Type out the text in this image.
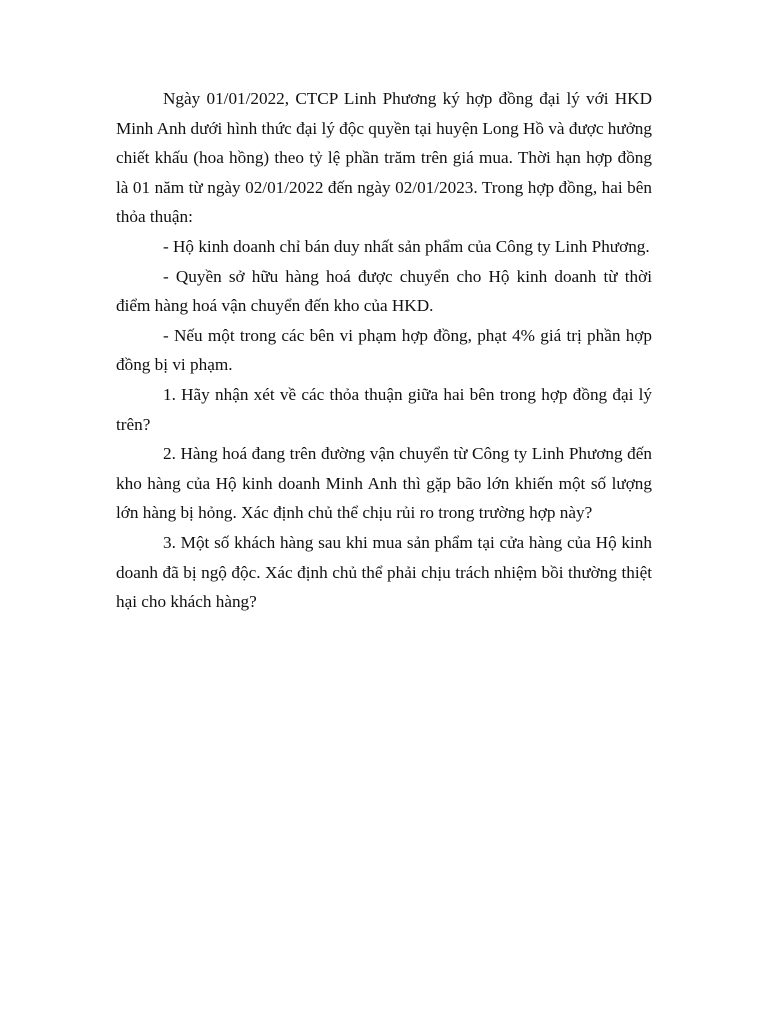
Ngày 01/01/2022, CTCP Linh Phương ký hợp đồng đại lý với HKD Minh Anh dưới hình thức đại lý độc quyền tại huyện Long Hồ và được hưởng chiết khấu (hoa hồng) theo tỷ lệ phần trăm trên giá mua. Thời hạn hợp đồng là 01 năm từ ngày 02/01/2022 đến ngày 02/01/2023. Trong hợp đồng, hai bên thỏa thuận:

- Hộ kinh doanh chỉ bán duy nhất sản phẩm của Công ty Linh Phương.

- Quyền sở hữu hàng hoá được chuyển cho Hộ kinh doanh từ thời điểm hàng hoá vận chuyển đến kho của HKD.

- Nếu một trong các bên vi phạm hợp đồng, phạt 4% giá trị phần hợp đồng bị vi phạm.

1. Hãy nhận xét về các thỏa thuận giữa hai bên trong hợp đồng đại lý trên?

2. Hàng hoá đang trên đường vận chuyển từ Công ty Linh Phương đến kho hàng của Hộ kinh doanh Minh Anh thì gặp bão lớn khiến một số lượng lớn hàng bị hỏng. Xác định chủ thể chịu rủi ro trong trường hợp này?

3. Một số khách hàng sau khi mua sản phẩm tại cửa hàng của Hộ kinh doanh đã bị ngộ độc. Xác định chủ thể phải chịu trách nhiệm bồi thường thiệt hại cho khách hàng?
